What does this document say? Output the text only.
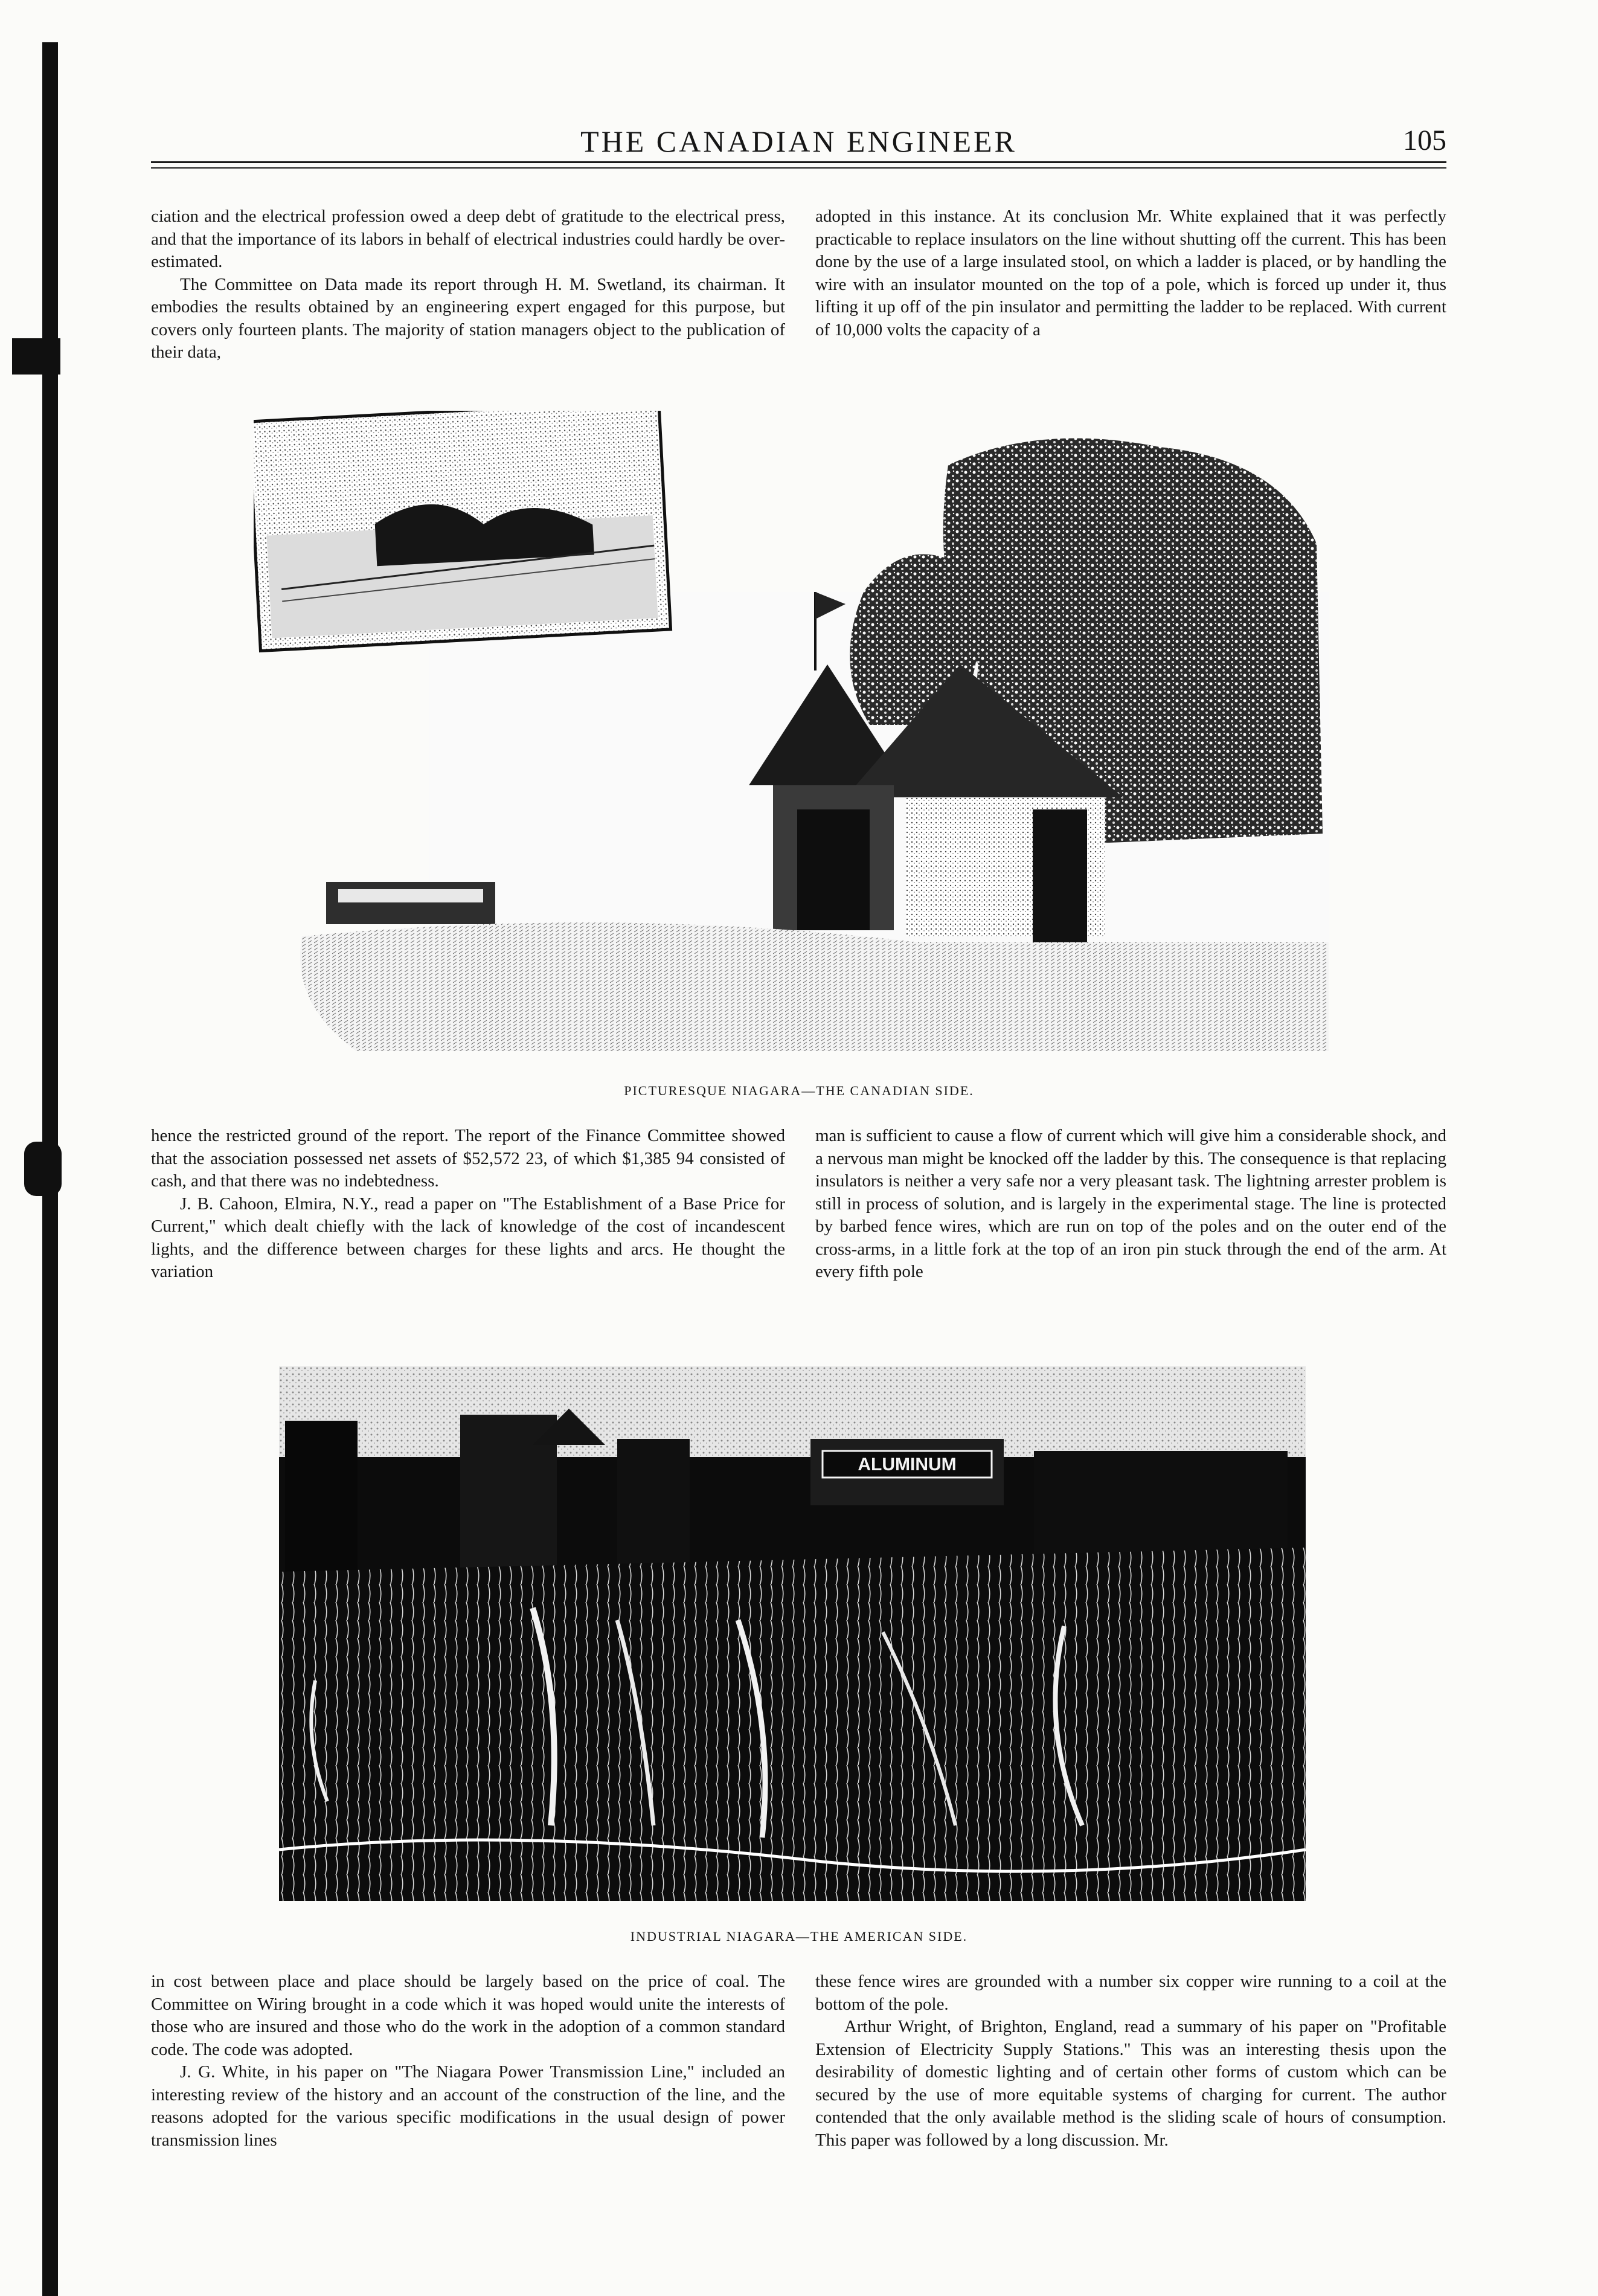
THE CANADIAN ENGINEER	105

ciation and the electrical profession owed a deep debt of gratitude to the electrical press, and that the importance of its labors in behalf of electrical industries could hardly be over-estimated.

The Committee on Data made its report through H. M. Swetland, its chairman. It embodies the results obtained by an engineering expert engaged for this purpose, but covers only fourteen plants. The majority of station managers object to the publication of their data,

adopted in this instance. At its conclusion Mr. White explained that it was perfectly practicable to replace insulators on the line without shutting off the current. This has been done by the use of a large insulated stool, on which a ladder is placed, or by handling the wire with an insulator mounted on the top of a pole, which is forced up under it, thus lifting it up off of the pin insulator and permitting the ladder to be replaced. With current of 10,000 volts the capacity of a

PICTURESQUE NIAGARA—THE CANADIAN SIDE.

hence the restricted ground of the report. The report of the Finance Committee showed that the association possessed net assets of $52,572 23, of which $1,385 94 consisted of cash, and that there was no indebtedness.

J. B. Cahoon, Elmira, N.Y., read a paper on "The Establishment of a Base Price for Current," which dealt chiefly with the lack of knowledge of the cost of incandescent lights, and the difference between charges for these lights and arcs. He thought the variation

man is sufficient to cause a flow of current which will give him a considerable shock, and a nervous man might be knocked off the ladder by this. The consequence is that replacing insulators is neither a very safe nor a very pleasant task. The lightning arrester problem is still in process of solution, and is largely in the experimental stage. The line is protected by barbed fence wires, which are run on top of the poles and on the outer end of the cross-arms, in a little fork at the top of an iron pin stuck through the end of the arm. At every fifth pole

ALUMINUM
INDUSTRIAL NIAGARA—THE AMERICAN SIDE.

in cost between place and place should be largely based on the price of coal. The Committee on Wiring brought in a code which it was hoped would unite the interests of those who are insured and those who do the work in the adoption of a common standard code. The code was adopted.

J. G. White, in his paper on "The Niagara Power Transmission Line," included an interesting review of the history and an account of the construction of the line, and the reasons adopted for the various specific modifications in the usual design of power transmission lines

these fence wires are grounded with a number six copper wire running to a coil at the bottom of the pole.

Arthur Wright, of Brighton, England, read a summary of his paper on "Profitable Extension of Electricity Supply Stations." This was an interesting thesis upon the desirability of domestic lighting and of certain other forms of custom which can be secured by the use of more equitable systems of charging for current. The author contended that the only available method is the sliding scale of hours of consumption. This paper was followed by a long discussion. Mr.
